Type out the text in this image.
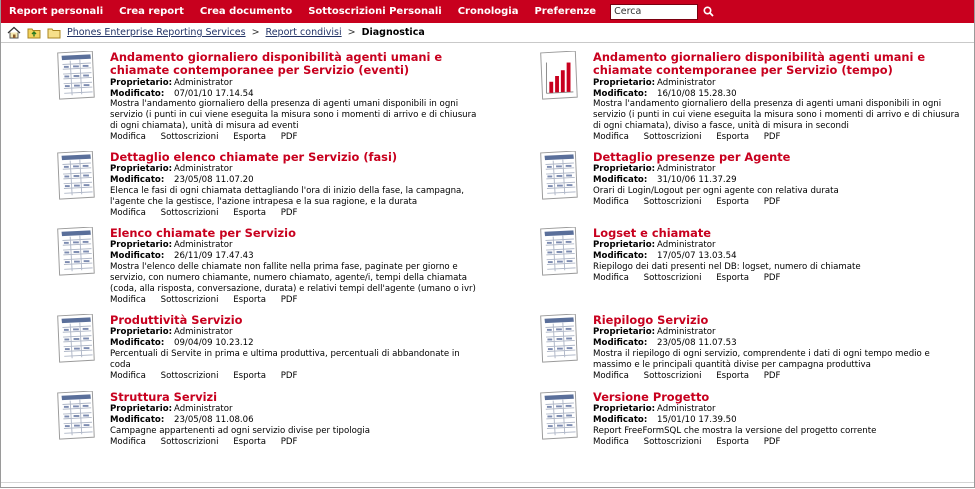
Report personali	Crea report	Crea documento	Sottoscrizioni Personali	Cronologia	Preferenze
Cerca
Phones Enterprise Reporting Services > Report condivisi > Diagnostica
Andamento giornaliero disponibilità agenti umani e chiamate contemporanee per Servizio (eventi)
Proprietario: Administrator
Modificato: 07/01/10 17.14.54
Mostra l'andamento giornaliero della presenza di agenti umani disponibili in ogni servizio (i punti in cui viene eseguita la misura sono i momenti di arrivo e di chiusura di ogni chiamata), unità di misura ad eventi
Modifica Sottoscrizioni Esporta PDF
Dettaglio elenco chiamate per Servizio (fasi)
Proprietario: Administrator
Modificato: 23/05/08 11.07.20
Elenca le fasi di ogni chiamata dettagliando l'ora di inizio della fase, la campagna, l'agente che la gestisce, l'azione intrapesa e la sua ragione, e la durata
Modifica Sottoscrizioni Esporta PDF
Elenco chiamate per Servizio
Proprietario: Administrator
Modificato: 26/11/09 17.47.43
Mostra l'elenco delle chiamate non fallite nella prima fase, paginate per giorno e servizio, con numero chiamante, numero chiamato, agente/i, tempi della chiamata (coda, alla risposta, conversazione, durata) e relativi tempi dell'agente (umano o ivr)
Modifica Sottoscrizioni Esporta PDF
Produttività Servizio
Proprietario: Administrator
Modificato: 09/04/09 10.23.12
Percentuali di Servite in prima e ultima produttiva, percentuali di abbandonate in coda
Modifica Sottoscrizioni Esporta PDF
Struttura Servizi
Proprietario: Administrator
Modificato: 23/05/08 11.08.06
Campagne appartenenti ad ogni servizio divise per tipologia
Modifica Sottoscrizioni Esporta PDF
Andamento giornaliero disponibilità agenti umani e chiamate contemporanee per Servizio (tempo)
Proprietario: Administrator
Modificato: 16/10/08 15.28.30
Mostra l'andamento giornaliero della presenza di agenti umani disponibili in ogni servizio (i punti in cui viene eseguita la misura sono i momenti di arrivo e di chiusura di ogni chiamata), diviso a fasce, unità di misura in secondi
Modifica Sottoscrizioni Esporta PDF
Dettaglio presenze per Agente
Proprietario: Administrator
Modificato: 31/10/06 11.37.29
Orari di Login/Logout per ogni agente con relativa durata
Modifica Sottoscrizioni Esporta PDF
Logset e chiamate
Proprietario: Administrator
Modificato: 17/05/07 13.03.54
Riepilogo dei dati presenti nel DB: logset, numero di chiamate
Modifica Sottoscrizioni Esporta PDF
Riepilogo Servizio
Proprietario: Administrator
Modificato: 23/05/08 11.07.53
Mostra il riepilogo di ogni servizio, comprendente i dati di ogni tempo medio e massimo e le principali quantità divise per campagna produttiva
Modifica Sottoscrizioni Esporta PDF
Versione Progetto
Proprietario: Administrator
Modificato: 15/01/10 17.39.50
Report FreeFormSQL che mostra la versione del progetto corrente
Modifica Sottoscrizioni Esporta PDF
